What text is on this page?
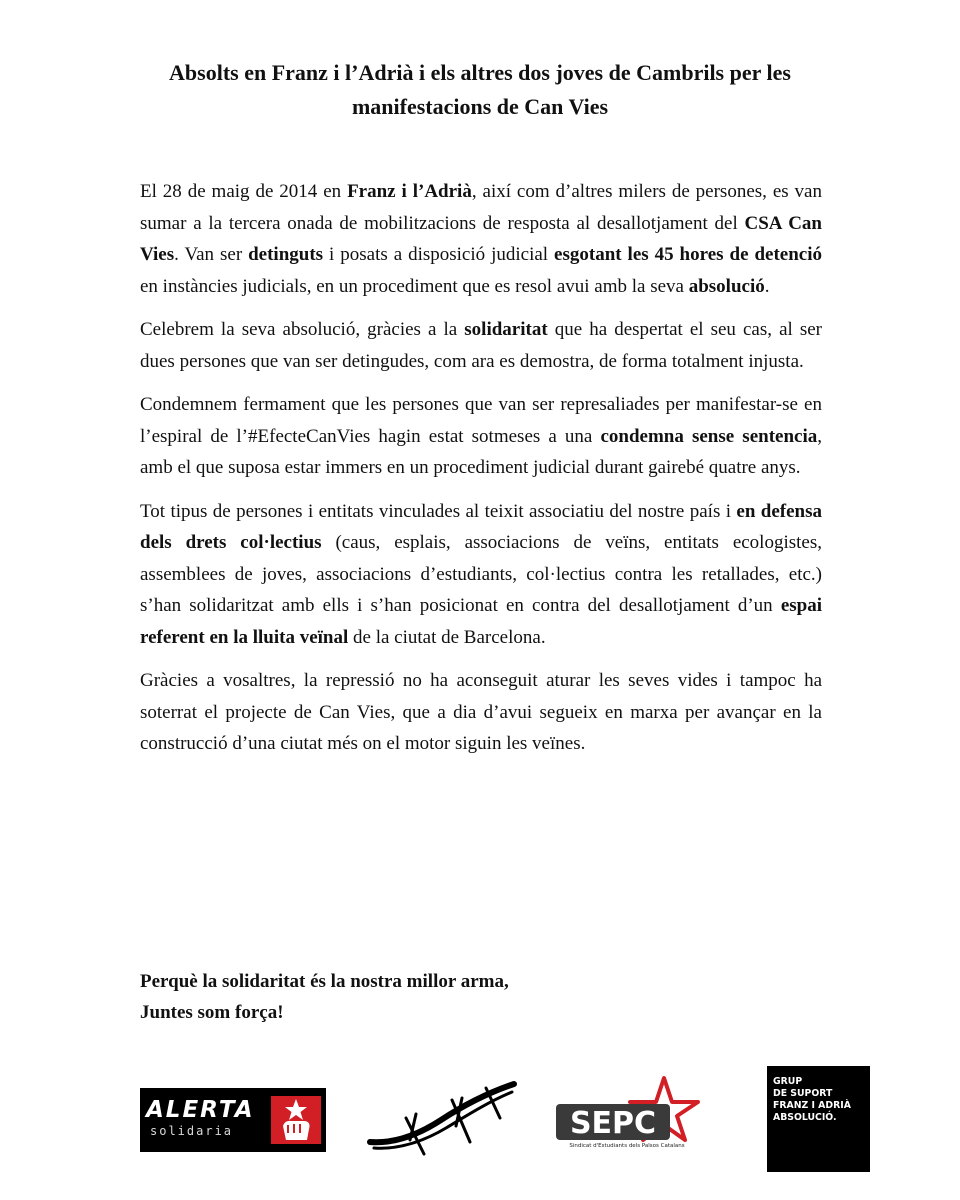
Absolts en Franz i l’Adrià i els altres dos joves de Cambrils per les manifestacions de Can Vies

El 28 de maig de 2014 en Franz i l’Adrià, així com d’altres milers de persones, es van sumar a la tercera onada de mobilitzacions de resposta al desallotjament del CSA Can Vies. Van ser detinguts i posats a disposició judicial esgotant les 45 hores de detenció en instàncies judicials, en un procediment que es resol avui amb la seva absolució.

Celebrem la seva absolució, gràcies a la solidaritat que ha despertat el seu cas, al ser dues persones que van ser detingudes, com ara es demostra, de forma totalment injusta.

Condemnem fermament que les persones que van ser represaliades per manifestar-se en l’espiral de l’#EfecteCanVies hagin estat sotmeses a una condemna sense sentencia, amb el que suposa estar immers en un procediment judicial durant gairebé quatre anys.

Tot tipus de persones i entitats vinculades al teixit associatiu del nostre país i en defensa dels drets col·lectius (caus, esplais, associacions de veïns, entitats ecologistes, assemblees de joves, associacions d’estudiants, col·lectius contra les retallades, etc.) s’han solidaritzat amb ells i s’han posicionat en contra del desallotjament d’un espai referent en la lluita veïnal de la ciutat de Barcelona.

Gràcies a vosaltres, la repressió no ha aconseguit aturar les seves vides i tampoc ha soterrat el projecte de Can Vies, que a dia d’avui segueix en marxa per avançar en la construcció d’una ciutat més on el motor siguin les veïnes.

Perquè la solidaritat és la nostra millor arma,
Juntes som força!
ALERTA
solidaria	SEPC
Sindicat d'Estudiants dels Països Catalans
GRUP
DE SUPORT
FRANZ I ADRIÀ
ABSOLUCIÓ.
